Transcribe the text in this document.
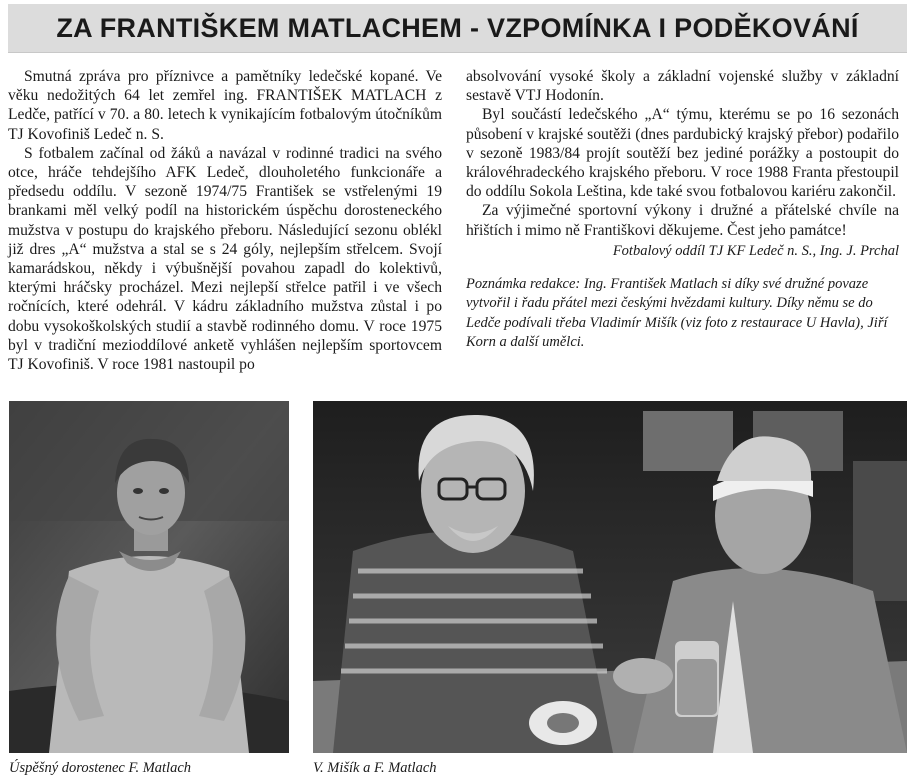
ZA FRANTIŠKEM MATLACHEM - VZPOMÍNKA I PODĚKOVÁNÍ

Smutná zpráva pro příznivce a pamětníky ledečské kopané. Ve věku nedožitých 64 let zemřel ing. FRANTIŠEK MATLACH z Ledče, patřící v 70. a 80. letech k vynikajícím fotbalovým útočníkům TJ Kovofiniš Ledeč n. S.

S fotbalem začínal od žáků a navázal v rodinné tradici na svého otce, hráče tehdejšího AFK Ledeč, dlouholetého funkcionáře a předsedu oddílu. V sezoně 1974/75 František se vstřelenými 19 brankami měl velký podíl na historickém úspěchu dorosteneckého mužstva v postupu do krajského přeboru. Následující sezonu oblékl již dres „A“ mužstva a stal se s 24 góly, nejlepším střelcem. Svojí kamarádskou, někdy i výbušnější povahou zapadl do kolektivů, kterými hráčsky procházel. Mezi nejlepší střelce patřil i ve všech ročnících, které odehrál. V kádru základního mužstva zůstal i po dobu vysokoškolských studií a stavbě rodinného domu. V roce 1975 byl v tradiční mezioddílové anketě vyhlášen nejlepším sportovcem TJ Kovofiniš. V roce 1981 nastoupil po

absolvování vysoké školy a základní vojenské služby v základní sestavě VTJ Hodonín.

Byl součástí ledečského „A“ týmu, kterému se po 16 sezonách působení v krajské soutěži (dnes pardubický krajský přebor) podařilo v sezoně 1983/84 projít soutěží bez jediné porážky a postoupit do královéhradeckého krajského přeboru. V roce 1988 Franta přestoupil do oddílu Sokola Leština, kde také svou fotbalovou kariéru zakončil.

Za výjimečné sportovní výkony i družné a přátelské chvíle na hřištích i mimo ně Františkovi děkujeme. Čest jeho památce!

Fotbalový oddíl TJ KF Ledeč n. S., Ing. J. Prchal

Poznámka redakce: Ing. František Matlach si díky své družné povaze vytvořil i řadu přátel mezi českými hvězdami kultury. Díky němu se do Ledče podívali třeba Vladimír Mišík (viz foto z restaurace U Havla), Jiří Korn a další umělci.

Úspěšný dorostenec F. Matlach	V. Mišík a F. Matlach
